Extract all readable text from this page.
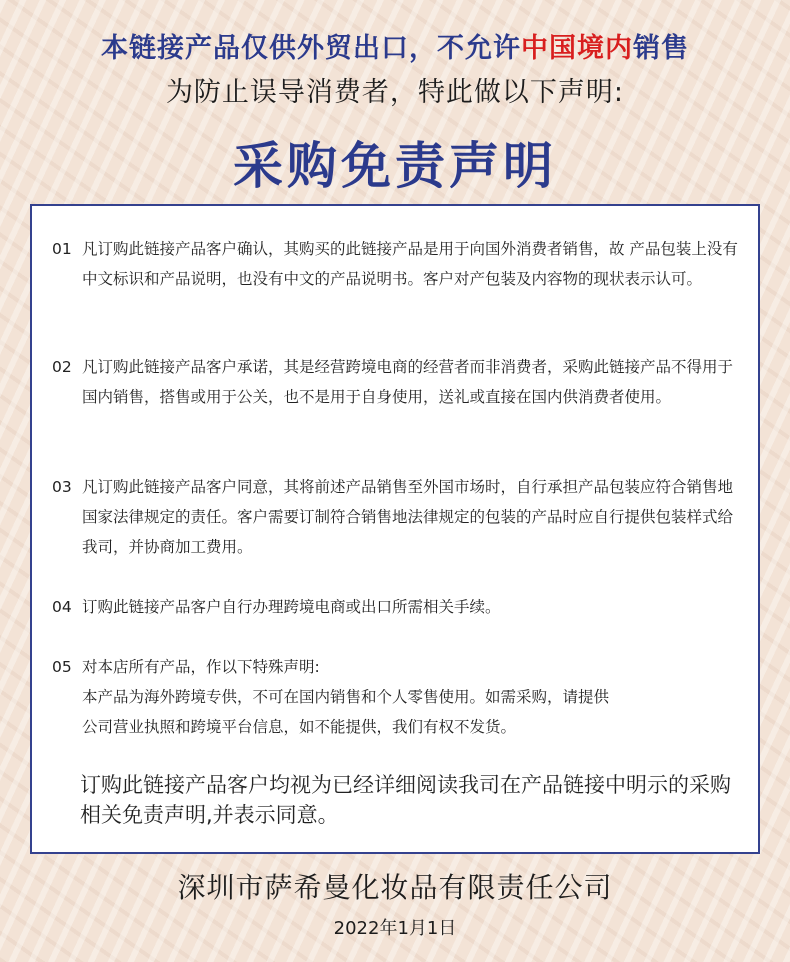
本链接产品仅供外贸出口，不允许中国境内销售
为防止误导消费者，特此做以下声明:
采购免责声明
01 凡订购此链接产品客户确认，其购买的此链接产品是用于向国外消费者销售，故 产品包装上没有中文标识和产品说明，也没有中文的产品说明书。客户对产包装及内容物的现状表示认可。
02 凡订购此链接产品客户承诺，其是经营跨境电商的经营者而非消费者，采购此链接产品不得用于国内销售，搭售或用于公关，也不是用于自身使用，送礼或直接在国内供消费者使用。
03 凡订购此链接产品客户同意，其将前述产品销售至外国市场时，自行承担产品包装应符合销售地国家法律规定的责任。客户需要订制符合销售地法律规定的包装的产品时应自行提供包装样式给我司，并协商加工费用。
04 订购此链接产品客户自行办理跨境电商或出口所需相关手续。
05 对本店所有产品，作以下特殊声明:
本产品为海外跨境专供，不可在国内销售和个人零售使用。如需采购，请提供
公司营业执照和跨境平台信息，如不能提供，我们有权不发货。
订购此链接产品客户均视为已经详细阅读我司在产品链接中明示的采购相关免责声明,并表示同意。
深圳市萨希曼化妆品有限责任公司
2022年1月1日
